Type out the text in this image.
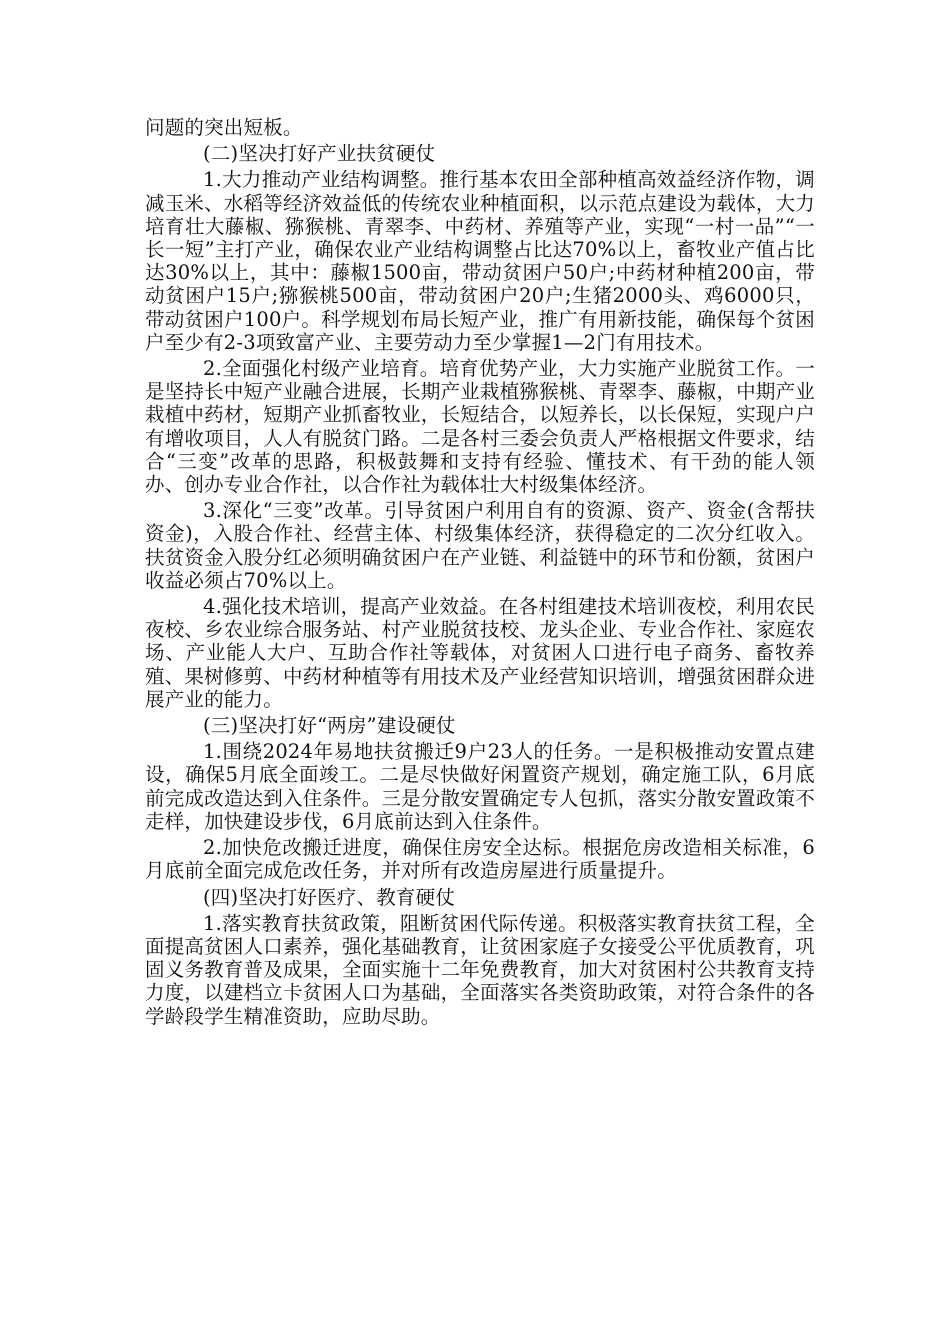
问题的突出短板。

(二)坚决打好产业扶贫硬仗

1.大力推动产业结构调整。推行基本农田全部种植高效益经济作物，调减玉米、水稻等经济效益低的传统农业种植面积，以示范点建设为载体，大力培育壮大藤椒、猕猴桃、青翠李、中药材、养殖等产业，实现“一村一品”“一长一短”主打产业，确保农业产业结构调整占比达70%以上，畜牧业产值占比达30%以上，其中：藤椒1500亩，带动贫困户50户;中药材种植200亩，带动贫困户15户;猕猴桃500亩，带动贫困户20户;生猪2000头、鸡6000只，带动贫困户100户。科学规划布局长短产业，推广有用新技能，确保每个贫困户至少有2-3项致富产业、主要劳动力至少掌握1—2门有用技术。

2.全面强化村级产业培育。培育优势产业，大力实施产业脱贫工作。一是坚持长中短产业融合进展，长期产业栽植猕猴桃、青翠李、藤椒，中期产业栽植中药材，短期产业抓畜牧业，长短结合，以短养长，以长保短，实现户户有增收项目，人人有脱贫门路。二是各村三委会负责人严格根据文件要求，结合“三变”改革的思路，积极鼓舞和支持有经验、懂技术、有干劲的能人领办、创办专业合作社，以合作社为载体壮大村级集体经济。

3.深化“三变”改革。引导贫困户利用自有的资源、资产、资金(含帮扶资金)，入股合作社、经营主体、村级集体经济，获得稳定的二次分红收入。扶贫资金入股分红必须明确贫困户在产业链、利益链中的环节和份额，贫困户收益必须占70%以上。

4.强化技术培训，提高产业效益。在各村组建技术培训夜校，利用农民夜校、乡农业综合服务站、村产业脱贫技校、龙头企业、专业合作社、家庭农场、产业能人大户、互助合作社等载体，对贫困人口进行电子商务、畜牧养殖、果树修剪、中药材种植等有用技术及产业经营知识培训，增强贫困群众进展产业的能力。

(三)坚决打好“两房”建设硬仗

1.围绕2024年易地扶贫搬迁9户23人的任务。一是积极推动安置点建设，确保5月底全面竣工。二是尽快做好闲置资产规划，确定施工队，6月底前完成改造达到入住条件。三是分散安置确定专人包抓，落实分散安置政策不走样，加快建设步伐，6月底前达到入住条件。

2.加快危改搬迁进度，确保住房安全达标。根据危房改造相关标准，6月底前全面完成危改任务，并对所有改造房屋进行质量提升。

(四)坚决打好医疗、教育硬仗

1.落实教育扶贫政策，阻断贫困代际传递。积极落实教育扶贫工程，全面提高贫困人口素养，强化基础教育，让贫困家庭子女接受公平优质教育，巩固义务教育普及成果，全面实施十二年免费教育，加大对贫困村公共教育支持力度，以建档立卡贫困人口为基础，全面落实各类资助政策，对符合条件的各学龄段学生精准资助，应助尽助。
